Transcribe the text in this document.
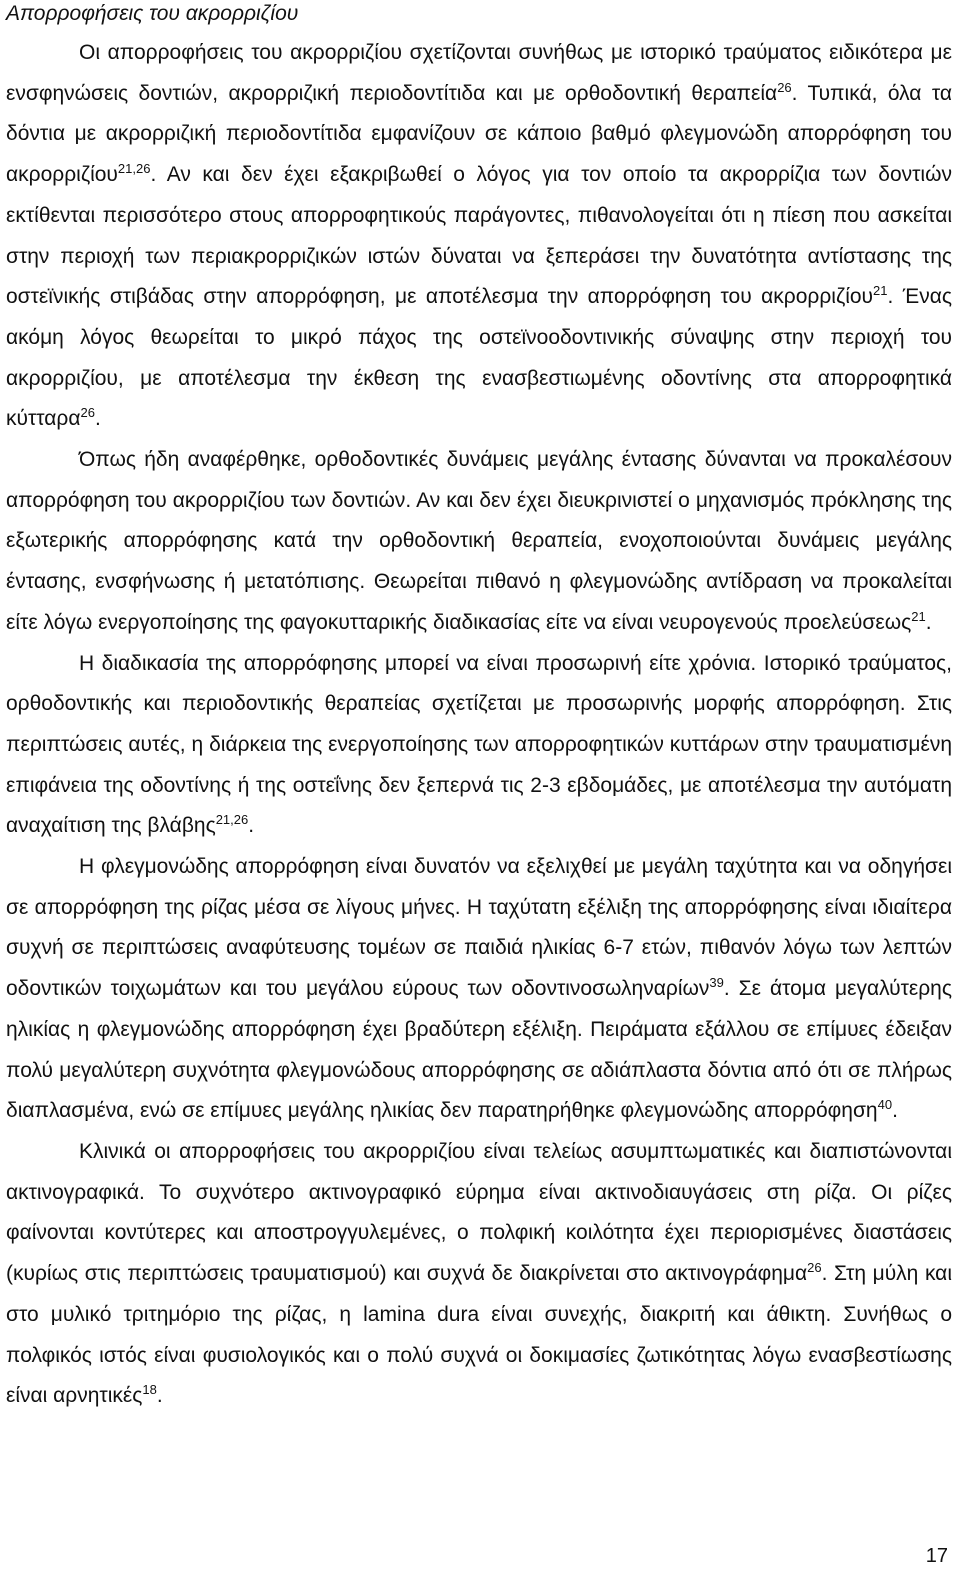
Απορροφήσεις του ακρορριζίου

Οι απορροφήσεις του ακρορριζίου σχετίζονται συνήθως με ιστορικό τραύματος ειδικότερα με ενσφηνώσεις δοντιών, ακρορριζική περιοδοντίτιδα και με ορθοδοντική θεραπεία$^{26}$. Τυπικά, όλα τα δόντια με ακρορριζική περιοδοντίτιδα εμφανίζουν σε κάποιο βαθμό φλεγμονώδη απορρόφηση του ακρορριζίου$^{21,26}$. Αν και δεν έχει εξακριβωθεί ο λόγος για τον οποίο τα ακρορρίζια των δοντιών εκτίθενται περισσότερο στους απορροφητικούς παράγοντες, πιθανολογείται ότι η πίεση που ασκείται στην περιοχή των περιακρορριζικών ιστών δύναται να ξεπεράσει την δυνατότητα αντίστασης της οστεϊνικής στιβάδας στην απορρόφηση, με αποτέλεσμα την απορρόφηση του ακρορριζίου$^{21}$. Ένας ακόμη λόγος θεωρείται το μικρό πάχος της οστεϊνοοδοντινικής σύναψης στην περιοχή του ακρορριζίου, με αποτέλεσμα την έκθεση της ενασβεστιωμένης οδοντίνης στα απορροφητικά κύτταρα$^{26}$.

Όπως ήδη αναφέρθηκε, ορθοδοντικές δυνάμεις μεγάλης έντασης δύνανται να προκαλέσουν απορρόφηση του ακρορριζίου των δοντιών. Αν και δεν έχει διευκρινιστεί ο μηχανισμός πρόκλησης της εξωτερικής απορρόφησης κατά την ορθοδοντική θεραπεία, ενοχοποιούνται δυνάμεις μεγάλης έντασης, ενσφήνωσης ή μετατόπισης. Θεωρείται πιθανό η φλεγμονώδης αντίδραση να προκαλείται είτε λόγω ενεργοποίησης της φαγοκυτταρικής διαδικασίας είτε να είναι νευρογενούς προελεύσεως$^{21}$.

Η διαδικασία της απορρόφησης μπορεί να είναι προσωρινή είτε χρόνια. Ιστορικό τραύματος, ορθοδοντικής και περιοδοντικής θεραπείας σχετίζεται με προσωρινής μορφής απορρόφηση. Στις περιπτώσεις αυτές, η διάρκεια της ενεργοποίησης των απορροφητικών κυττάρων στην τραυματισμένη επιφάνεια της οδοντίνης ή της οστεΐνης δεν ξεπερνά τις 2-3 εβδομάδες, με αποτέλεσμα την αυτόματη αναχαίτιση της βλάβης$^{21,26}$.

Η φλεγμονώδης απορρόφηση είναι δυνατόν να εξελιχθεί με μεγάλη ταχύτητα και να οδηγήσει σε απορρόφηση της ρίζας μέσα σε λίγους μήνες. Η ταχύτατη εξέλιξη της απορρόφησης είναι ιδιαίτερα συχνή σε περιπτώσεις αναφύτευσης τομέων σε παιδιά ηλικίας 6-7 ετών, πιθανόν λόγω των λεπτών οδοντικών τοιχωμάτων και του μεγάλου εύρους των οδοντινοσωληναρίων$^{39}$. Σε άτομα μεγαλύτερης ηλικίας η φλεγμονώδης απορρόφηση έχει βραδύτερη εξέλιξη. Πειράματα εξάλλου σε επίμυες έδειξαν πολύ μεγαλύτερη συχνότητα φλεγμονώδους απορρόφησης σε αδιάπλαστα δόντια από ότι σε πλήρως διαπλασμένα, ενώ σε επίμυες μεγάλης ηλικίας δεν παρατηρήθηκε φλεγμονώδης απορρόφηση$^{40}$.

Κλινικά οι απορροφήσεις του ακρορριζίου είναι τελείως ασυμπτωματικές και διαπιστώνονται ακτινογραφικά. Το συχνότερο ακτινογραφικό εύρημα είναι ακτινοδιαυγάσεις στη ρίζα. Οι ρίζες φαίνονται κοντύτερες και αποστρογγυλεμένες, ο πολφική κοιλότητα έχει περιορισμένες διαστάσεις (κυρίως στις περιπτώσεις τραυματισμού) και συχνά δε διακρίνεται στο ακτινογράφημα$^{26}$. Στη μύλη και στο μυλικό τριτημόριο της ρίζας, η lamina dura είναι συνεχής, διακριτή και άθικτη. Συνήθως ο πολφικός ιστός είναι φυσιολογικός και ο πολύ συχνά οι δοκιμασίες ζωτικότητας λόγω ενασβεστίωσης είναι αρνητικές$^{18}$.

17
